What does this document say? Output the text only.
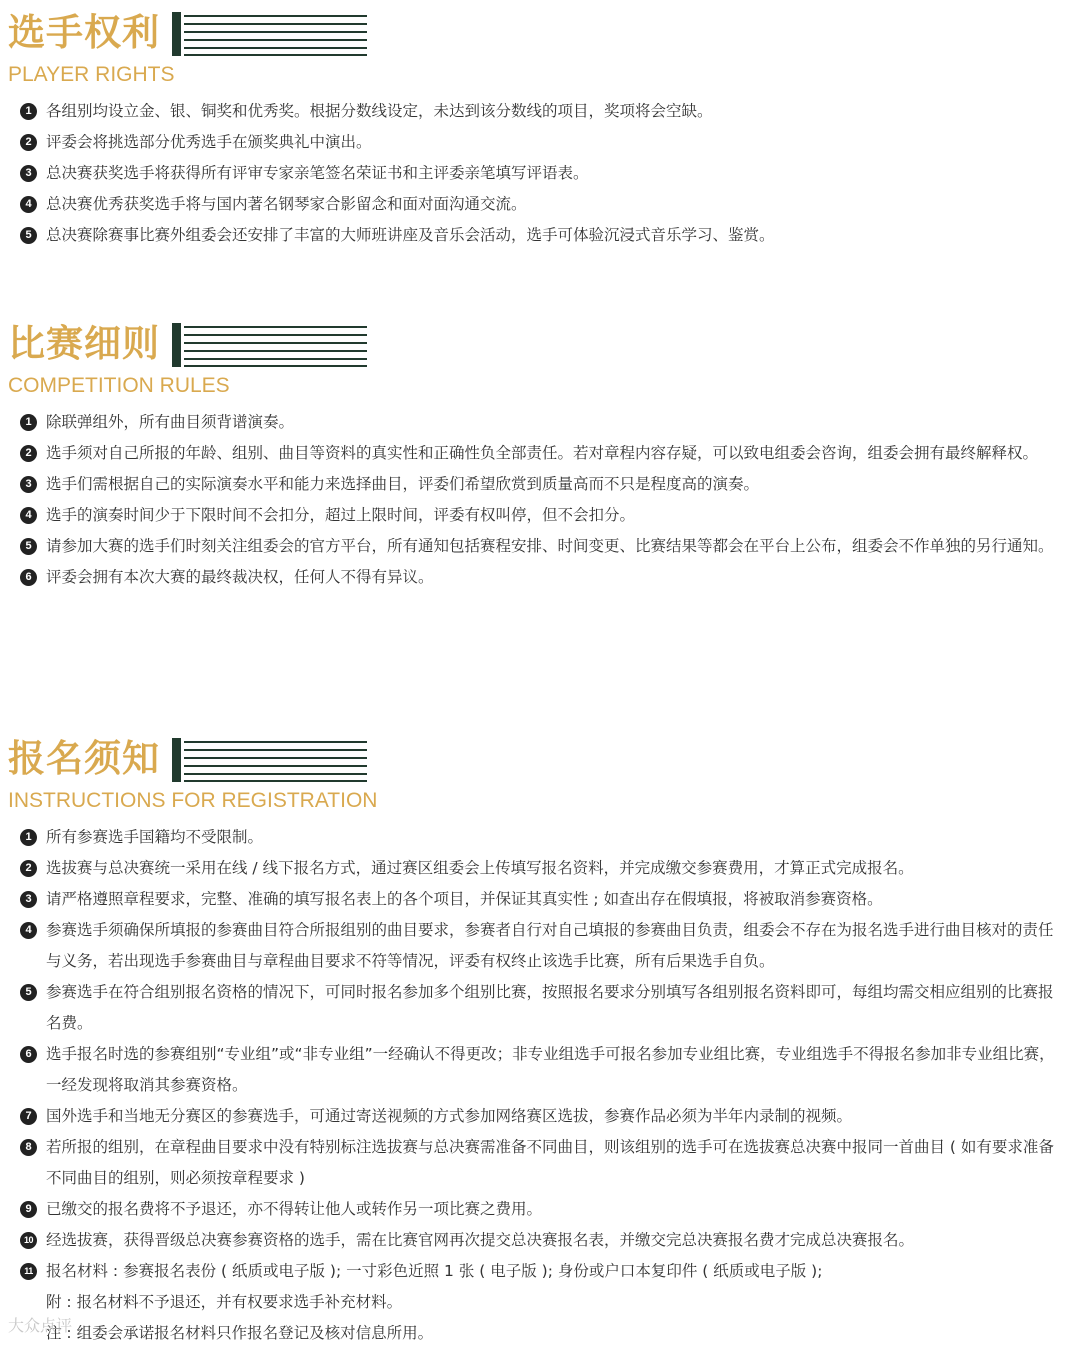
选手权利
PLAYER RIGHTS
1 各组别均设立金、银、铜奖和优秀奖。根据分数线设定，未达到该分数线的项目，奖项将会空缺。
2 评委会将挑选部分优秀选手在颁奖典礼中演出。
3 总决赛获奖选手将获得所有评审专家亲笔签名荣证书和主评委亲笔填写评语表。
4 总决赛优秀获奖选手将与国内著名钢琴家合影留念和面对面沟通交流。
5 总决赛除赛事比赛外组委会还安排了丰富的大师班讲座及音乐会活动，选手可体验沉浸式音乐学习、鉴赏。
比赛细则
COMPETITION RULES
1 除联弹组外，所有曲目须背谱演奏。
2 选手须对自己所报的年龄、组别、曲目等资料的真实性和正确性负全部责任。若对章程内容存疑，可以致电组委会咨询，组委会拥有最终解释权。
3 选手们需根据自己的实际演奏水平和能力来选择曲目，评委们希望欣赏到质量高而不只是程度高的演奏。
4 选手的演奏时间少于下限时间不会扣分，超过上限时间，评委有权叫停，但不会扣分。
5 请参加大赛的选手们时刻关注组委会的官方平台，所有通知包括赛程安排、时间变更、比赛结果等都会在平台上公布，组委会不作单独的另行通知。
6 评委会拥有本次大赛的最终裁决权，任何人不得有异议。
报名须知
INSTRUCTIONS FOR REGISTRATION
1 所有参赛选手国籍均不受限制。
2 选拔赛与总决赛统一采用在线 / 线下报名方式，通过赛区组委会上传填写报名资料，并完成缴交参赛费用，才算正式完成报名。
3 请严格遵照章程要求，完整、准确的填写报名表上的各个项目，并保证其真实性 ; 如查出存在假填报，将被取消参赛资格。
4 参赛选手须确保所填报的参赛曲目符合所报组别的曲目要求，参赛者自行对自己填报的参赛曲目负责，组委会不存在为报名选手进行曲目核对的责任与义务，若出现选手参赛曲目与章程曲目要求不符等情况，评委有权终止该选手比赛，所有后果选手自负。
5 参赛选手在符合组别报名资格的情况下，可同时报名参加多个组别比赛，按照报名要求分别填写各组别报名资料即可，每组均需交相应组别的比赛报名费。
6 选手报名时选的参赛组别“专业组”或“非专业组”一经确认不得更改；非专业组选手可报名参加专业组比赛，专业组选手不得报名参加非专业组比赛，一经发现将取消其参赛资格。
7 国外选手和当地无分赛区的参赛选手，可通过寄送视频的方式参加网络赛区选拔，参赛作品必须为半年内录制的视频。
8 若所报的组别，在章程曲目要求中没有特别标注选拔赛与总决赛需准备不同曲目，则该组别的选手可在选拔赛总决赛中报同一首曲目 ( 如有要求准备不同曲目的组别，则必须按章程要求 )
9 已缴交的报名费将不予退还，亦不得转让他人或转作另一项比赛之费用。
10 经选拔赛，获得晋级总决赛参赛资格的选手，需在比赛官网再次提交总决赛报名表，并缴交完总决赛报名费才完成总决赛报名。
11 报名材料 : 参赛报名表份 ( 纸质或电子版 ); 一寸彩色近照 1 张 ( 电子版 ); 身份或户口本复印件 ( 纸质或电子版 );
附 : 报名材料不予退还，并有权要求选手补充材料。
注 : 组委会承诺报名材料只作报名登记及核对信息所用。
大众点评
